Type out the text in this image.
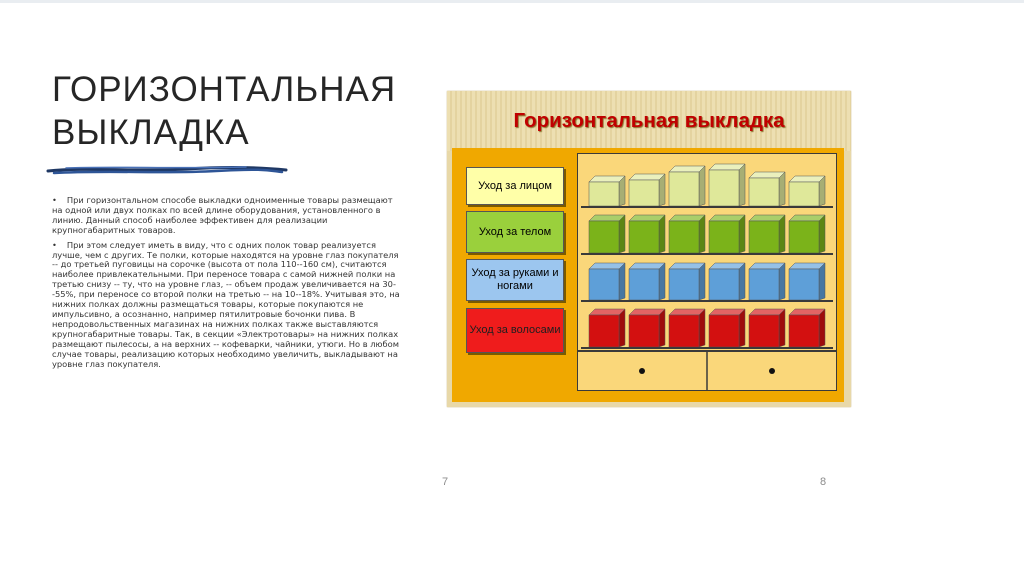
ГОРИЗОНТАЛЬНАЯ
ВЫКЛАДКА
• При горизонтальном способе выкладки одноименные товары размещают на одной или двух полках по всей длине оборудования, установленного в линию. Данный способ наиболее эффективен для реализации крупногабаритных товаров.
• При этом следует иметь в виду, что с одних полок товар реализуется лучше, чем с других. Те полки, которые находятся на уровне глаз покупателя -- до третьей пуговицы на сорочке (высота от пола 110--160 см), считаются наиболее привлекательными. При переносе товара с самой нижней полки на третью снизу -- ту, что на уровне глаз, -- объем продаж увеличивается на 30--55%, при переносе со второй полки на третью -- на 10--18%. Учитывая это, на нижних полках должны размещаться товары, которые покупаются не импульсивно, а осознанно, например пятилитровые бочонки пива. В непродовольственных магазинах на нижних полках также выставляются крупногабаритные товары. Так, в секции «Электротовары» на нижних полках размещают пылесосы, а на верхних -- кофеварки, чайники, утюги. Но в любом случае товары, реализацию которых необходимо увеличить, выкладывают на уровне глаз покупателя.
Горизонтальная выкладка
Уход за лицом
Уход за телом
Уход за руками и ногами
Уход за волосами
7	8
